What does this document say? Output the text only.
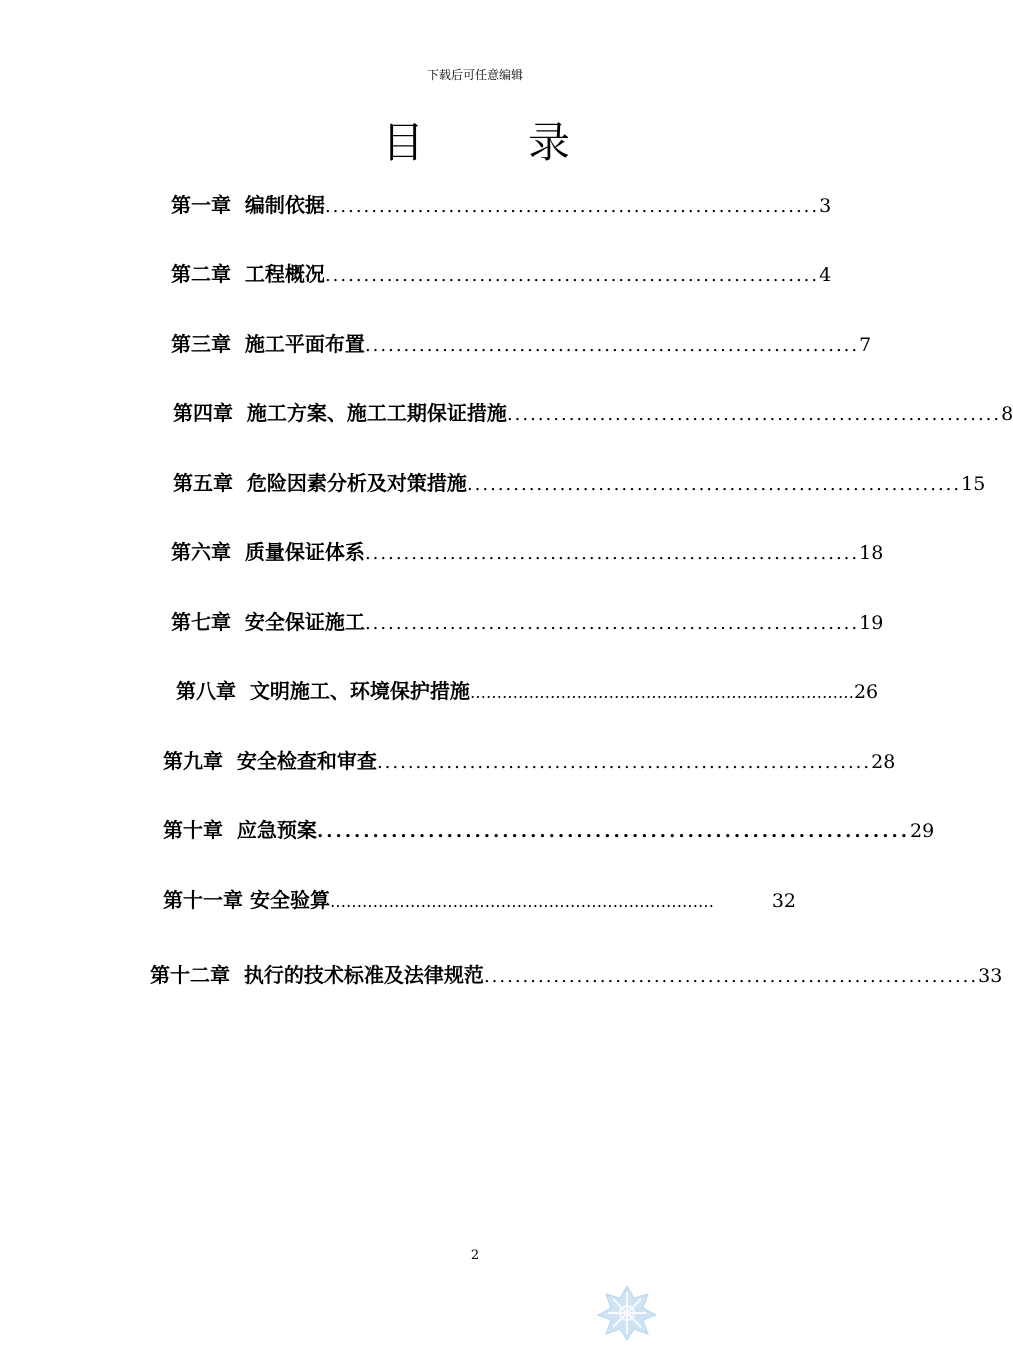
下载后可任意编辑
目 录
第一章  编制依据 ................................................................ 3
第二章  工程概况 ................................................................ 4
第三章  施工平面布置 ................................................................ 7
第四章  施工方案、施工工期保证措施 ................................................................ 8
第五章  危险因素分析及对策措施 ................................................................ 15
第六章  质量保证体系 ................................................................ 18
第七章  安全保证施工 ................................................................ 19
第八章  文明施工、环境保护措施 ……………………………………………………………… 26
第九章  安全检查和审查 ................................................................ 28
第十章  应急预案 ................................................................ 29
第十一章 安全验算 ………………………………………………………………	32
第十二章  执行的技术标准及法律规范 ................................................................ 33
2
